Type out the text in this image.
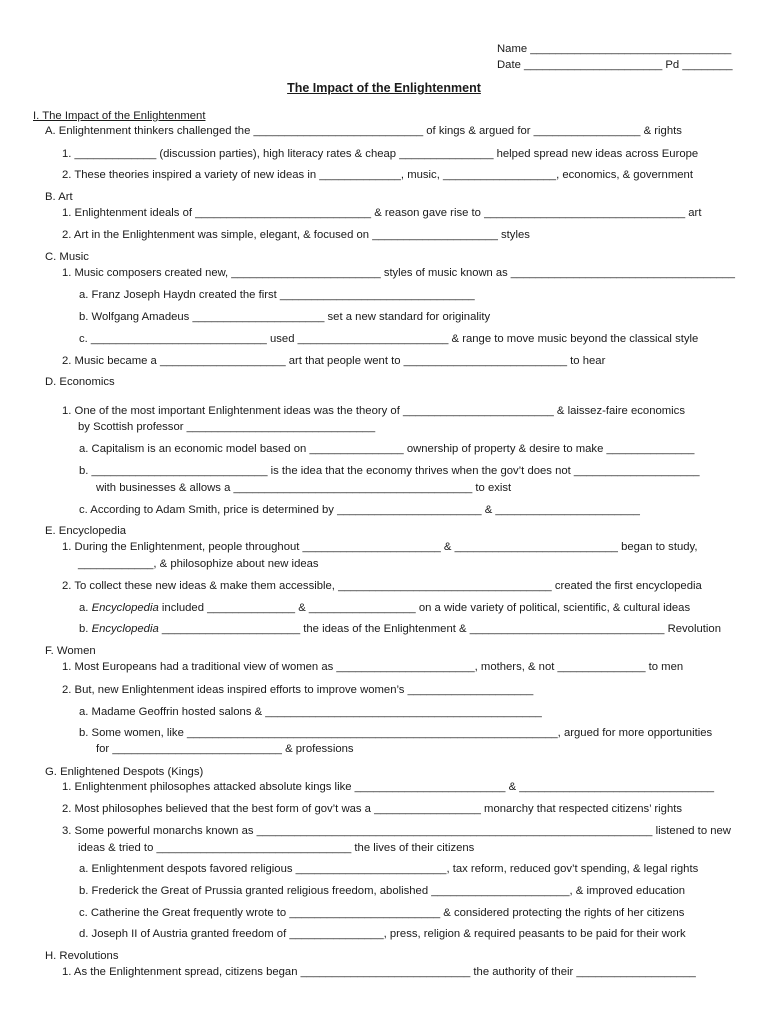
Name ________________________________
Date ______________________ Pd ________
The Impact of the Enlightenment
I. The Impact of the Enlightenment
A. Enlightenment thinkers challenged the ___________________________ of kings & argued for _________________ & rights
1. _____________ (discussion parties), high literacy rates & cheap _______________ helped spread new ideas across Europe
2. These theories inspired a variety of new ideas in _____________, music, __________________, economics, & government
B. Art
1. Enlightenment ideals of ____________________________ & reason gave rise to ________________________________ art
2. Art in the Enlightenment was simple, elegant, & focused on ____________________ styles
C. Music
1. Music composers created new, ________________________ styles of music known as ____________________________________
a. Franz Joseph Haydn created the first _______________________________
b. Wolfgang Amadeus _____________________ set a new standard for originality
c. ____________________________ used ________________________ & range to move music beyond the classical style
2. Music became a ____________________ art that people went to __________________________ to hear
D. Economics
1. One of the most important Enlightenment ideas was the theory of ________________________ & laissez-faire economics
by Scottish professor ______________________________
a. Capitalism is an economic model based on _______________ ownership of property & desire to make ______________
b. ____________________________ is the idea that the economy thrives when the gov’t does not ____________________
with businesses & allows a ______________________________________ to exist
c. According to Adam Smith, price is determined by _______________________ & _______________________
E. Encyclopedia
1. During the Enlightenment, people throughout ______________________ & __________________________ began to study,
____________, & philosophize about new ideas
2. To collect these new ideas & make them accessible, __________________________________ created the first encyclopedia
a. Encyclopedia included ______________ & _________________ on a wide variety of political, scientific, & cultural ideas
b. Encyclopedia ______________________ the ideas of the Enlightenment & _______________________________ Revolution
F. Women
1. Most Europeans had a traditional view of women as ______________________, mothers, & not ______________ to men
2. But, new Enlightenment ideas inspired efforts to improve women’s ____________________
a. Madame Geoffrin hosted salons & ____________________________________________
b. Some women, like ___________________________________________________________, argued for more opportunities
for ___________________________ & professions
G. Enlightened Despots (Kings)
1. Enlightenment philosophes attacked absolute kings like ________________________ & _______________________________
2. Most philosophes believed that the best form of gov’t was a _________________ monarchy that respected citizens’ rights
3. Some powerful monarchs known as _______________________________________________________________ listened to new
ideas & tried to _______________________________ the lives of their citizens
a. Enlightenment despots favored religious ________________________, tax reform, reduced gov’t spending, & legal rights
b. Frederick the Great of Prussia granted religious freedom, abolished ______________________, & improved education
c. Catherine the Great frequently wrote to ________________________ & considered protecting the rights of her citizens
d. Joseph II of Austria granted freedom of _______________, press, religion & required peasants to be paid for their work
H. Revolutions
1. As the Enlightenment spread, citizens began ___________________________ the authority of their ___________________
